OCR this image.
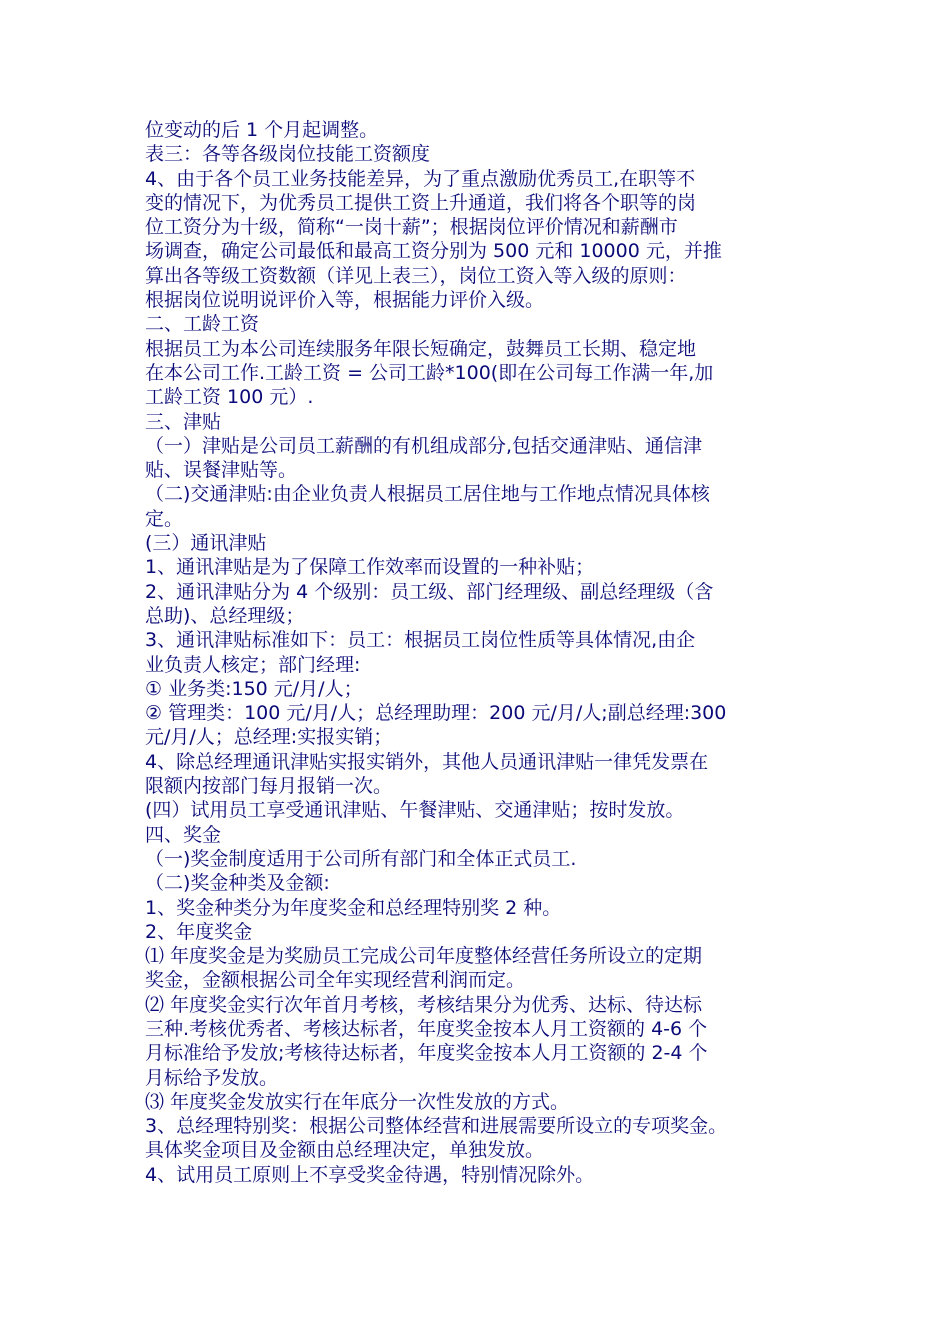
位变动的后 1 个月起调整。
表三：各等各级岗位技能工资额度
4、由于各个员工业务技能差异，为了重点激励优秀员工,在职等不
变的情况下，为优秀员工提供工资上升通道，我们将各个职等的岗
位工资分为十级，简称“一岗十薪”；根据岗位评价情况和薪酬市
场调查，确定公司最低和最高工资分别为 500 元和 10000 元，并推
算出各等级工资数额（详见上表三），岗位工资入等入级的原则：
根据岗位说明说评价入等，根据能力评价入级。
二、工龄工资
根据员工为本公司连续服务年限长短确定，鼓舞员工长期、稳定地
在本公司工作.工龄工资 = 公司工龄*100(即在公司每工作满一年,加
工龄工资 100 元）.
三、津贴
（一）津贴是公司员工薪酬的有机组成部分,包括交通津贴、通信津
贴、误餐津贴等。
（二)交通津贴:由企业负责人根据员工居住地与工作地点情况具体核
定。
(三）通讯津贴
1、通讯津贴是为了保障工作效率而设置的一种补贴；
2、通讯津贴分为 4 个级别：员工级、部门经理级、副总经理级（含
总助)、总经理级；
3、通讯津贴标准如下：员工：根据员工岗位性质等具体情况,由企
业负责人核定；部门经理:
① 业务类:150 元/月/人；
② 管理类：100 元/月/人；总经理助理：200 元/月/人;副总经理:300
元/月/人；总经理:实报实销；
4、除总经理通讯津贴实报实销外，其他人员通讯津贴一律凭发票在
限额内按部门每月报销一次。
(四）试用员工享受通讯津贴、午餐津贴、交通津贴；按时发放。
四、奖金
（一)奖金制度适用于公司所有部门和全体正式员工.
（二)奖金种类及金额:
1、奖金种类分为年度奖金和总经理特别奖 2 种。
2、年度奖金
⑴ 年度奖金是为奖励员工完成公司年度整体经营任务所设立的定期
奖金，金额根据公司全年实现经营利润而定。
⑵ 年度奖金实行次年首月考核，考核结果分为优秀、达标、待达标
三种.考核优秀者、考核达标者，年度奖金按本人月工资额的 4-6 个
月标准给予发放;考核待达标者，年度奖金按本人月工资额的 2-4 个
月标给予发放。
⑶ 年度奖金发放实行在年底分一次性发放的方式。
3、总经理特别奖：根据公司整体经营和进展需要所设立的专项奖金。
具体奖金项目及金额由总经理决定，单独发放。
4、试用员工原则上不享受奖金待遇，特别情况除外。
